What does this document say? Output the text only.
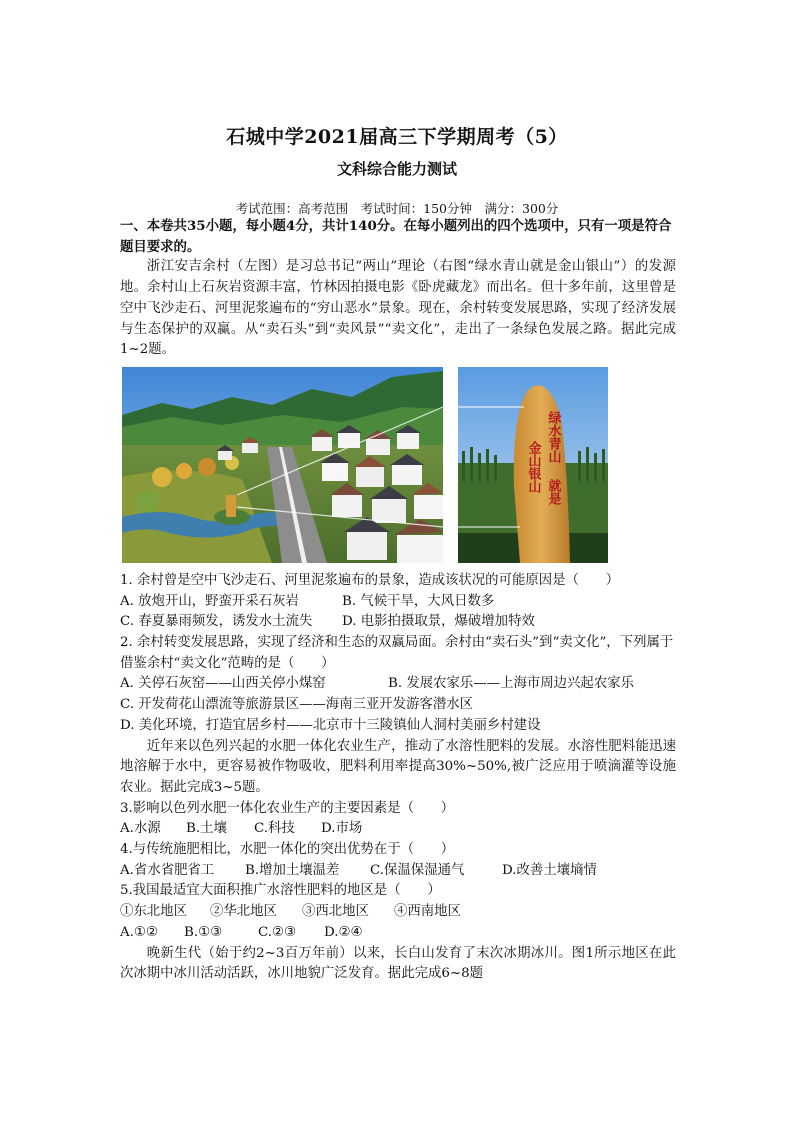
石城中学2021届高三下学期周考（5）
文科综合能力测试
考试范围：高考范围　考试时间：150分钟　满分：300分

一、本卷共35小题，每小题4分，共计140分。在每小题列出的四个选项中，只有一项是符合题目要求的。

浙江安吉余村（左图）是习总书记“两山”理论（右图“绿水青山就是金山银山”）的发源地。余村山上石灰岩资源丰富，竹林因拍摄电影《卧虎藏龙》而出名。但十多年前，这里曾是空中飞沙走石、河里泥浆遍布的“穷山恶水”景象。现在，余村转变发展思路，实现了经济发展与生态保护的双赢。从“卖石头”到“卖风景”“卖文化”，走出了一条绿色发展之路。据此完成1~2题。

绿水青山
就是
金山银山

1. 余村曾是空中飞沙走石、河里泥浆遍布的景象，造成该状况的可能原因是（　　）

A. 放炮开山，野蛮开采石灰岩	B. 气候干旱，大风日数多
C. 春夏暴雨频发，诱发水土流失	D. 电影拍摄取景，爆破增加特效

2. 余村转变发展思路，实现了经济和生态的双赢局面。余村由“卖石头”到“卖文化”，下列属于借鉴余村“卖文化”范畴的是（　　）

A. 关停石灰窑——山西关停小煤窑	B. 发展农家乐——上海市周边兴起农家乐

C. 开发荷花山漂流等旅游景区——海南三亚开发游客潜水区

D. 美化环境，打造宜居乡村——北京市十三陵镇仙人洞村美丽乡村建设

近年来以色列兴起的水肥一体化农业生产，推动了水溶性肥料的发展。水溶性肥料能迅速地溶解于水中，更容易被作物吸收，肥料利用率提高30%~50%,被广泛应用于喷滴灌等设施农业。据此完成3~5题。

3.影响以色列水肥一体化农业生产的主要因素是（　　）

A.水源	B.土壤	C.科技	D.市场

4.与传统施肥相比，水肥一体化的突出优势在于（　　）

A.省水省肥省工	B.增加土壤温差	C.保温保湿通气	D.改善土壤墒情

5.我国最适宜大面积推广水溶性肥料的地区是（　　）

①东北地区	②华北地区	③西北地区	④西南地区
A.①②	B.①③	C.②③	D.②④

晚新生代（始于约2~3百万年前）以来，长白山发育了末次冰期冰川。图1所示地区在此次冰期中冰川活动活跃，冰川地貌广泛发育。据此完成6~8题
